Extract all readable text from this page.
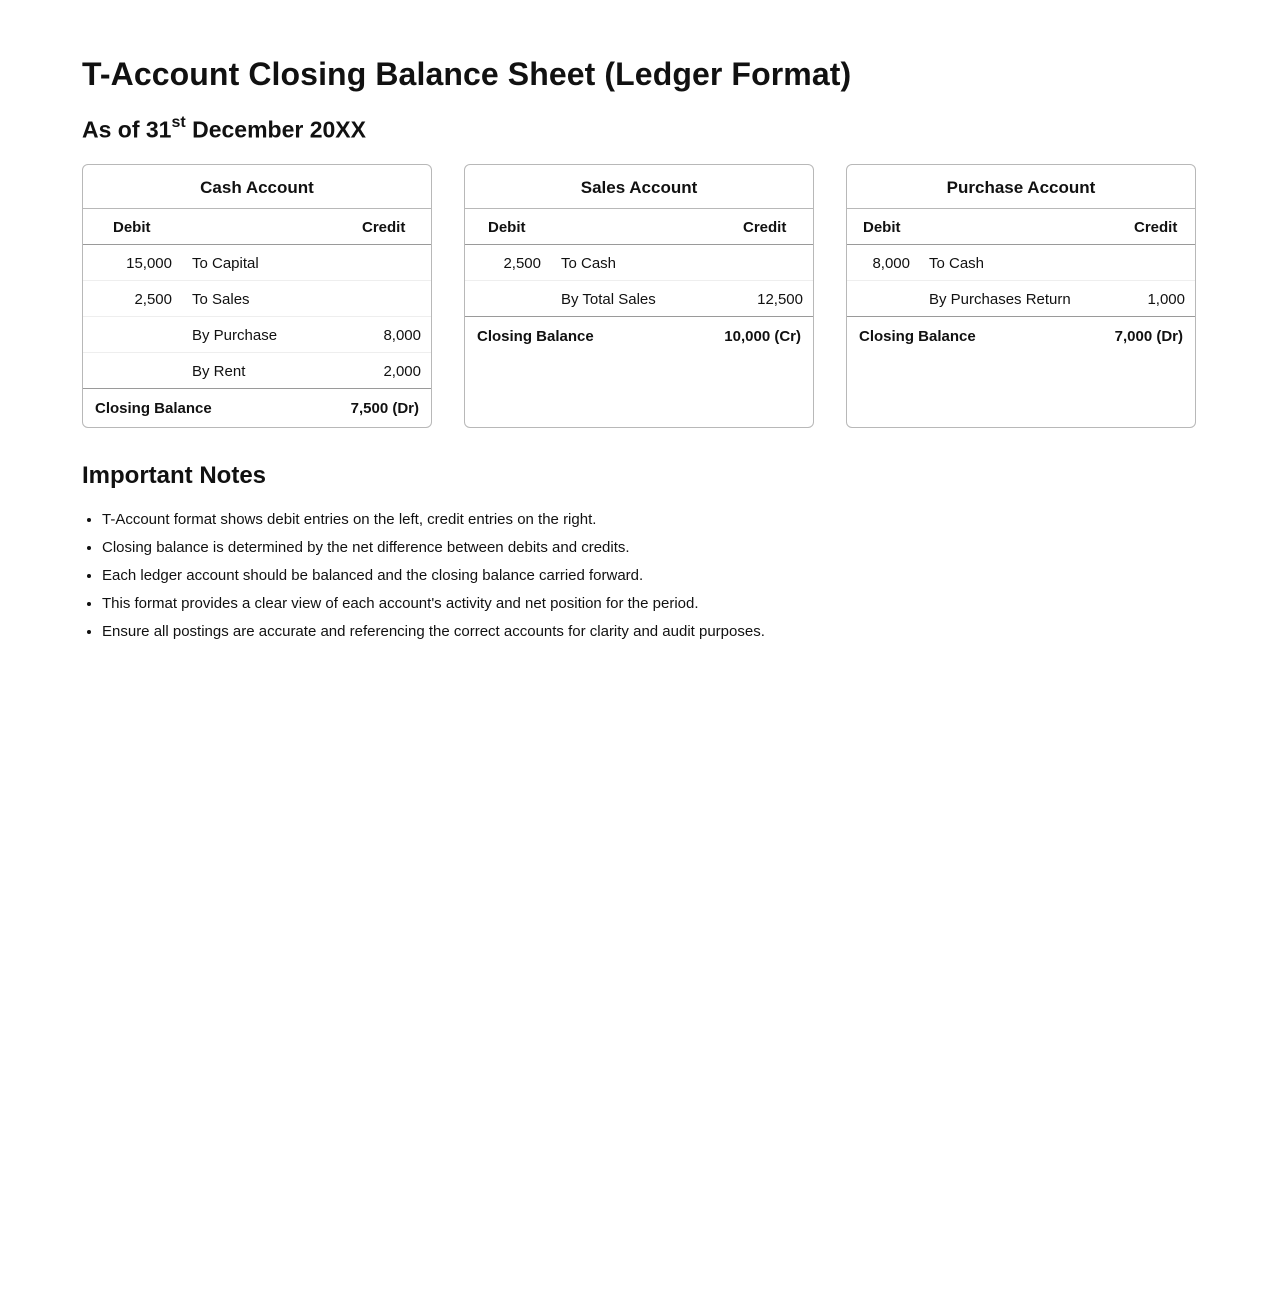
T-Account Closing Balance Sheet (Ledger Format)
As of 31st December 20XX
Cash Account
Debit	Credit
15,000 To Capital
2,500 To Sales
By Purchase	8,000
By Rent	2,000
Closing Balance	7,500 (Dr)
Sales Account
Debit	Credit
2,500 To Cash
By Total Sales	12,500
Closing Balance	10,000 (Cr)
Purchase Account
Debit	Credit
8,000 To Cash
By Purchases Return	1,000
Closing Balance	7,000 (Dr)
Important Notes
• T-Account format shows debit entries on the left, credit entries on the right.
• Closing balance is determined by the net difference between debits and credits.
• Each ledger account should be balanced and the closing balance carried forward.
• This format provides a clear view of each account's activity and net position for the period.
• Ensure all postings are accurate and referencing the correct accounts for clarity and audit purposes.
